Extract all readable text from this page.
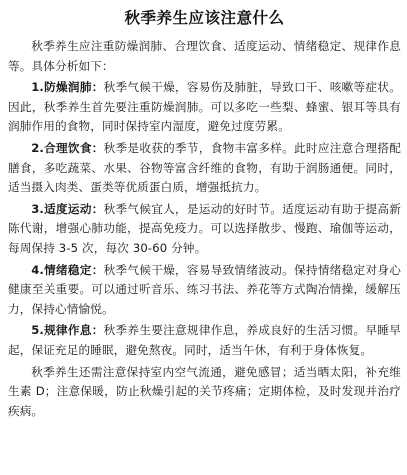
秋季养生应该注意什么

秋季养生应注重防燥润肺、合理饮食、适度运动、情绪稳定、规律作息等。具体分析如下：

1.防燥润肺：秋季气候干燥，容易伤及肺脏，导致口干、咳嗽等症状。因此，秋季养生首先要注重防燥润肺。可以多吃一些梨、蜂蜜、银耳等具有润肺作用的食物，同时保持室内湿度，避免过度劳累。

2.合理饮食：秋季是收获的季节，食物丰富多样。此时应注意合理搭配膳食，多吃蔬菜、水果、谷物等富含纤维的食物，有助于润肠通便。同时，适当摄入肉类、蛋类等优质蛋白质，增强抵抗力。

3.适度运动：秋季气候宜人，是运动的好时节。适度运动有助于提高新陈代谢，增强心肺功能，提高免疫力。可以选择散步、慢跑、瑜伽等运动，每周保持 3-5 次，每次 30-60 分钟。

4.情绪稳定：秋季气候干燥，容易导致情绪波动。保持情绪稳定对身心健康至关重要。可以通过听音乐、练习书法、养花等方式陶冶情操，缓解压力，保持心情愉悦。

5.规律作息：秋季养生要注意规律作息，养成良好的生活习惯。早睡早起，保证充足的睡眠，避免熬夜。同时，适当午休，有利于身体恢复。

秋季养生还需注意保持室内空气流通，避免感冒；适当晒太阳，补充维生素 D；注意保暖，防止秋燥引起的关节疼痛；定期体检，及时发现并治疗疾病。
